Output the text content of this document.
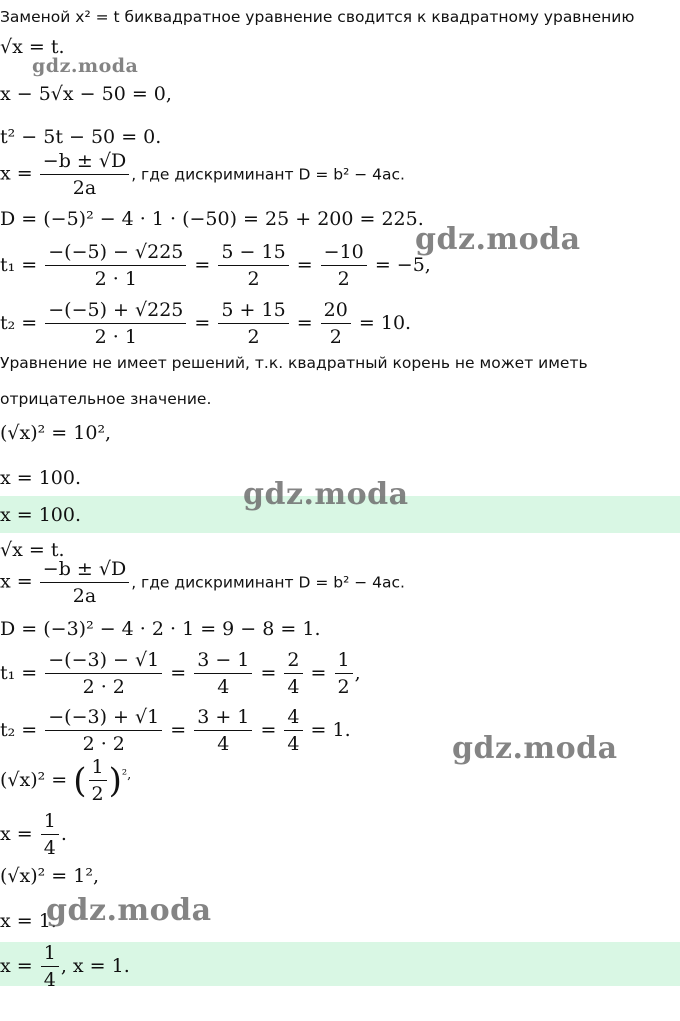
Заменой x² = t биквадратное уравнение сводится к квадратному уравнению
√x = t.
x − 5√x − 50 = 0,
t² − 5t − 50 = 0.
$x = \frac{-b \pm √D}{2a}$ , где дискриминант D = b² − 4ac.
D = (−5)² − 4 · 1 · (−50) = 25 + 200 = 225.
$t_1 = \frac{-(-5) - √225}{2 \cdot 1} = \frac{5 - 15}{2} = \frac{-10}{2} = -5$,
$t_2 = \frac{-(-5) + √225}{2 \cdot 1} = \frac{5 + 15}{2} = \frac{20}{2} = 10$.
Уравнение не имеет решений, т.к. квадратный корень не может иметь
отрицательное значение.
(√x)² = 10²,
x = 100.
x = 100.
√x = t.
$x = \frac{-b \pm √D}{2a}$ , где дискриминант D = b² − 4ac.
D = (−3)² − 4 · 2 · 1 = 9 − 8 = 1.
$t_1 = \frac{-(-3) - √1}{2 \cdot 2} = \frac{3 - 1}{4} = \frac{2}{4} = \frac{1}{2}$ ,
$t_2 = \frac{-(-3) + √1}{2 \cdot 2} = \frac{3 + 1}{4} = \frac{4}{4} = 1$.
(√x)² = ( $\frac{1}{2} )^{^2,}$
$x = \frac{1}{4}$ .
(√x)² = 1²,
x = 1.
$x = \frac{1}{4}$ , x = 1.
gdz.moda
gdz.moda
gdz.moda
gdz.moda
gdz.moda
